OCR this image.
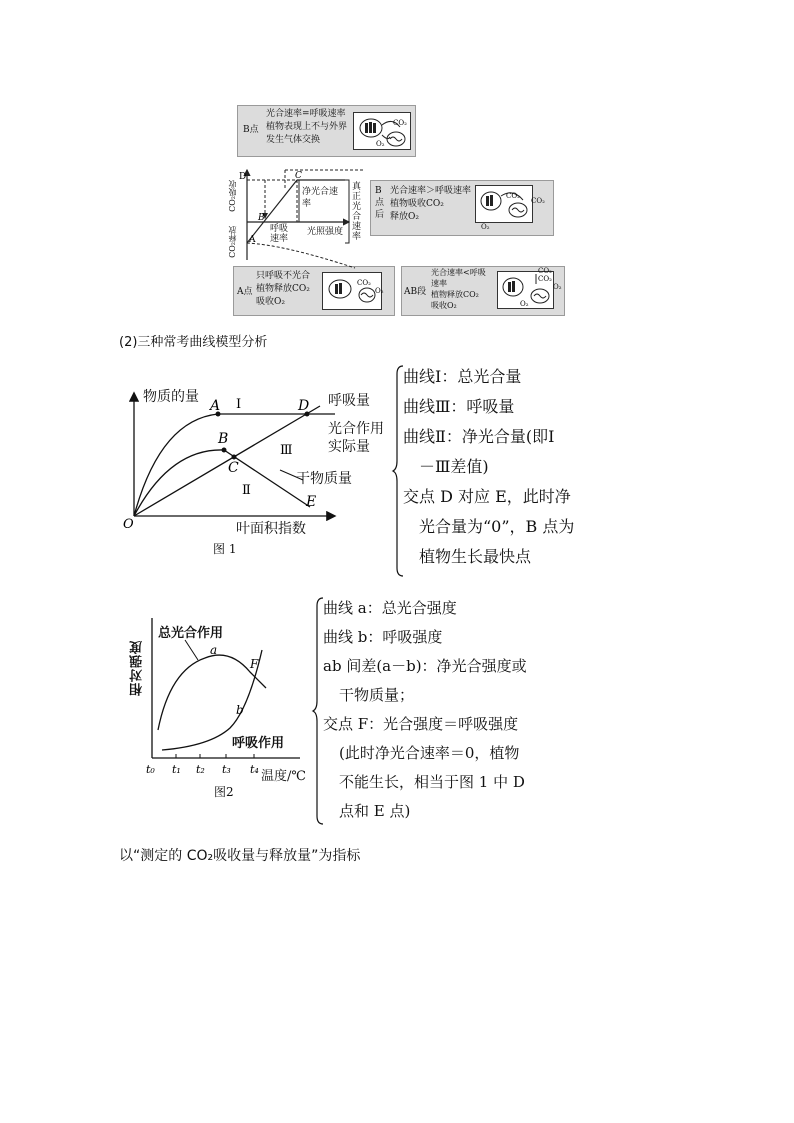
B点
光合速率=呼吸速率
植物表现上不与外界
发生气体交换
CO₂
O₂
B
点
后
光合速率＞呼吸速率
植物吸收CO₂
释放O₂
CO₂
CO₂
O₂
A点
只呼吸不光合
植物释放CO₂
吸收O₂
CO₂
O₂ AB段
光合速率<呼吸
速率
植物释放CO₂
吸收O₂
CO₂
O₂
CO₂
O₂
D	C
B
A
CO₂吸收
CO₂释放
净光合速率
真正光合速率
呼吸速率
光照强度
(2)三种常考曲线模型分析
A
B
C
D
E
O
Ⅰ
Ⅱ
Ⅲ
物质的量	呼吸量
光合作用
实际量
干物质量
叶面积指数
图 1
曲线Ⅰ：总光合量
曲线Ⅲ：呼吸量
曲线Ⅱ：净光合量(即Ⅰ
－Ⅲ差值)
交点 D 对应 E，此时净
光合量为“0”，B 点为
植物生长最快点
a
b
F
t₀ t₁ t₂ t₃ t₄
相对强度
总光合作用
呼吸作用
温度/℃
图2
曲线 a：总光合强度
曲线 b：呼吸强度
ab 间差(a－b)：净光合强度或
干物质量；
交点 F：光合强度＝呼吸强度
(此时净光合速率＝0，植物
不能生长，相当于图 1 中 D
点和 E 点)
以“测定的 CO₂吸收量与释放量”为指标
